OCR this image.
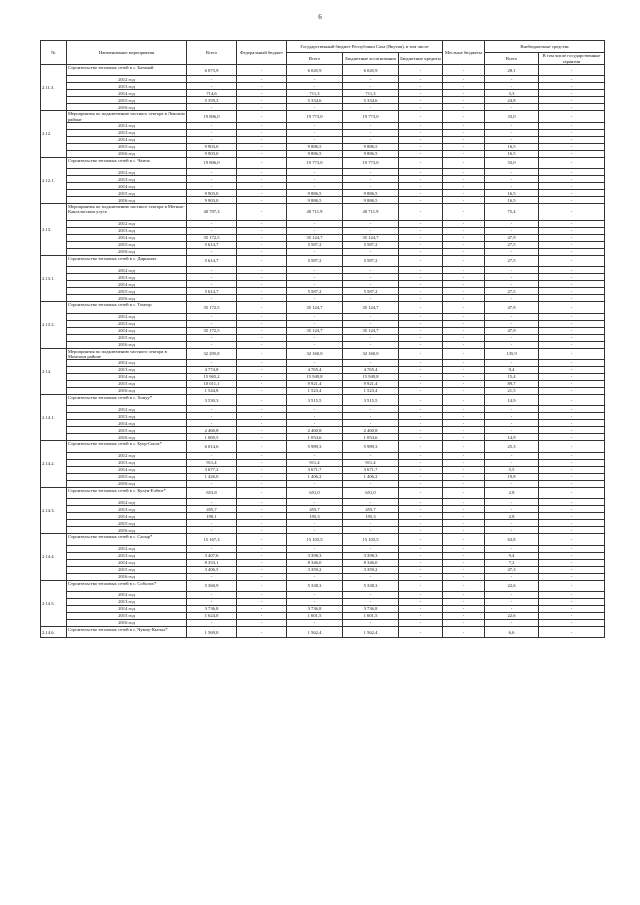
6
№	Наименование мероприятия	Всего	Федеральный бюджет	Государственный бюджет Республики Саха (Якутия), в том числе			Местные бюджеты	Внебюджетные средства	
				Всего	Бюджетные ассигнования	Бюджетные кредиты		Всего	В том числе государственные гарантии

2.11.3.	Строительство тепловых сетей в с. Батамай	6 073,9	-	6 045,9	6 045,9	-	-	28,1	-
	2012 год	-	-	-	-	-	-	-	-
	2013 год	-	-	-	-	-	-	-	-
	2014 год	714,6	-	711,3	711,3	-	-	3,3	-
	2015 год	5 359,3	-	5 334,6	5 334,6	-	-	24,8	-
	2016 год	-	-	-	-	-	-	-	-
2.12.	Мероприятия по подключению частного сектора в Ленском районе	19 806,0	-	19 773,0	19 773,0	-	-	33,0	-
	2012 год	-	-	-	-	-	-	-	-
	2013 год	-	-	-	-	-	-	-	-
	2014 год	-	-	-	-	-	-	-	-
	2015 год	9 903,0	-	9 886,5	9 886,5	-	-	16,5	-
	2016 год	9 903,0	-	9 886,5	9 886,5	-	-	16,5	-
2.12.1.	Строительство тепловых сетей в с. Чамча	19 806,0	-	19 773,0	19 773,0	-	-	33,0	-
	2012 год	-	-	-	-	-	-	-	-
	2013 год	-	-	-	-	-	-	-	-
	2014 год	-	-	-	-	-	-	-	-
	2015 год	9 903,0	-	9 886,5	9 886,5	-	-	16,5	-
	2016 год	9 903,0	-	9 886,5	9 886,5	-	-	16,5	-
2.13.	Мероприятия по подключению частного сектора в Мегино-Кангаласском улусе	40 787,3	-	40 711,9	40 711,9	-	-	75,4	-
	2012 год	-	-	-	-	-	-	-	-
	2013 год	-	-	-	-	-	-	-	-
	2014 год	35 172,5	-	35 124,7	35 124,7	-	-	47,9	-
	2015 год	5 614,7	-	5 587,2	5 587,2	-	-	27,5	-
	2016 год	-	-	-	-	-	-	-	-
2.13.1.	Строительство тепловых сетей в с. Дирналах	5 614,7	-	5 587,2	5 587,2	-	-	27,5	-
	2012 год	-	-	-	-	-	-	-	-
	2013 год	-	-	-	-	-	-	-	-
	2014 год	-	-	-	-	-	-	-	-
	2015 год	5 614,7	-	5 587,2	5 587,2	-	-	27,5	-
	2016 год	-	-	-	-	-	-	-	-
2.13.2.	Строительство тепловых сетей в с. Томтор	35 172,5	-	35 124,7	35 124,7	-	-	47,9	-
	2012 год	-	-	-	-	-	-	-	-
	2013 год	-	-	-	-	-	-	-	-
	2014 год	35 172,5	-	35 124,7	35 124,7	-	-	47,9	-
	2015 год	-	-	-	-	-	-	-	-
	2016 год	-	-	-	-	-	-	-	-
2.14.	Мероприятия по подключению частного сектора в Момском районе	32 295,8	-	32 160,0	32 160,0	-	-	135,9	-
	2012 год	-	-	-	-	-	-	-	-
	2013 год	4 774,8	-	4 765,4	4 765,4	-	-	9,4	-
	2014 год	15 965,2	-	15 949,8	15 949,8	-	-	15,4	-
	2015 год	10 011,1	-	9 921,4	9 921,4	-	-	89,7	-
	2016 год	1 544,8	-	1 523,4	1 523,4	-	-	21,5	-
2.14.1.	Строительство тепловых сетей в с. Хонуу*	3 530,3	-	3 515,5	3 515,5	-	-	14,9	-
	2012 год	-	-	-	-	-	-	-	-
	2013 год	-	-	-	-	-	-	-	-
	2014 год	-	-	-	-	-	-	-	-
	2015 год	2 460,8	-	2 460,8	2 460,8	-	-	-	-
	2016 год	1 069,5	-	1 054,6	1 054,6	-	-	14,9	-
2.14.2.	Строительство тепловых сетей в с. Буор-Сысы*	6 014,6	-	5 989,3	5 989,3	-	-	25,3	-
	2012 год	-	-	-	-	-	-	-	-
	2013 год	911,4	-	911,4	911,4	-	-	-	-
	2014 год	3 677,2	-	3 671,7	3 671,7	-	-	5,5	-
	2015 год	1 426,0	-	1 406,2	1 406,2	-	-	19,8	-
	2016 год	-	-	-	-	-	-	-	-
2.14.3.	Строительство тепловых сетей в с. Кулун-Елбют*	653,8	-	651,0	651,0	-	-	2,8	-
	2012 год	-	-	-	-	-	-	-	-
	2013 год	455,7	-	455,7	455,7	-	-	-	-
	2014 год	198,1	-	195,3	195,3	-	-	2,8	-
	2015 год	-	-	-	-	-	-	-	-
	2016 год	-	-	-	-	-	-	-	-
2.14.4.	Строительство тепловых сетей в с. Сасыр*	15 167,3	-	15 103,5	15 103,5	-	-	63,8	-
	2012 год	-	-	-	-	-	-	-	-
	2013 год	3 407,6	-	3 398,3	3 398,3	-	-	9,4	-
	2014 год	8 353,1	-	8 346,0	8 346,0	-	-	7,2	-
	2015 год	3 406,5	-	3 359,2	3 359,2	-	-	47,3	-
	2016 год	-	-	-	-	-	-	-	-
2.14.5.	Строительство тепловых сетей в с. Соболох*	5 360,9	-	5 338,3	5 338,3	-	-	22,6	-
	2012 год	-	-	-	-	-	-	-	-
	2013 год	-	-	-	-	-	-	-	-
	2014 год	3 736,8	-	3 736,8	3 736,8	-	-	-	-
	2015 год	1 624,0	-	1 601,5	1 601,5	-	-	22,6	-
	2016 год	-	-	-	-	-	-	-	-
2.14.6.	Строительство тепловых сетей в с. Чумпу-Кытыл*	1 569,0	-	1 562,4	1 562,4	-	-	6,6	-
